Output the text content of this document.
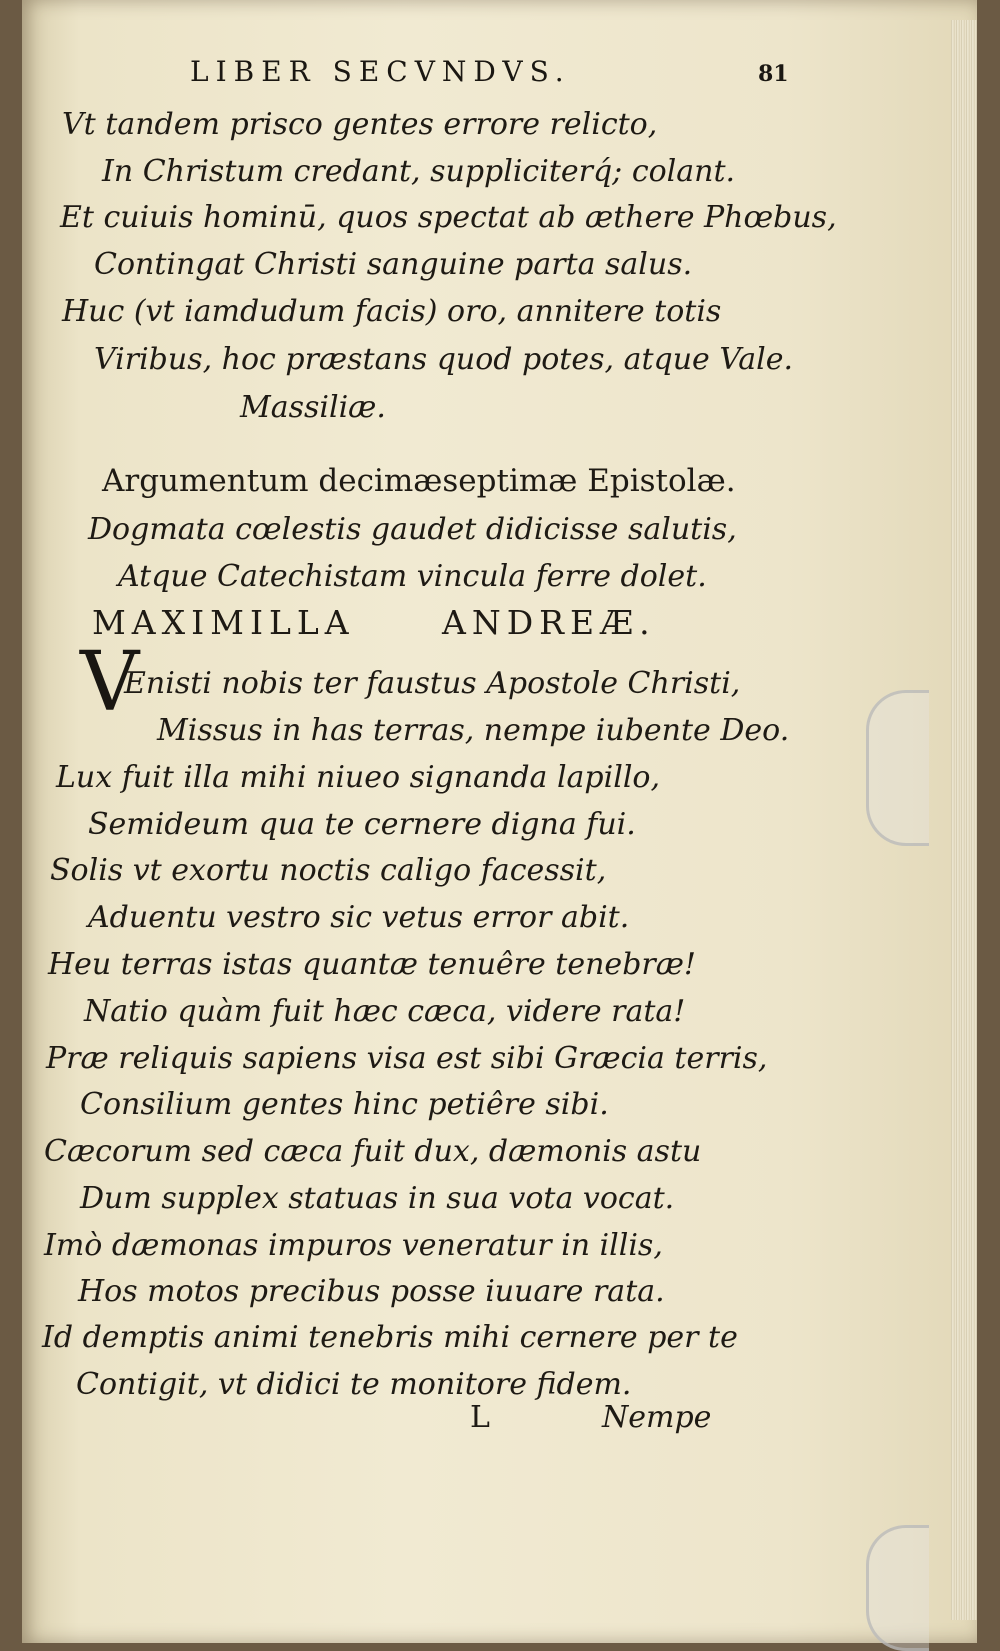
LIBER SECVNDVS.	81
Vt tandem prisco gentes errore relicto,
In Christum credant, suppliciterq́; colant.
Et cuiuis hominū, quos spectat ab æthere Phœbus,
Contingat Christi sanguine parta salus.
Huc (vt iamdudum facis) oro, annitere totis
Viribus, hoc præstans quod potes, atque Vale.
Massiliæ.
Argumentum decimæseptimæ Epistolæ.
Dogmata cœlestis gaudet didicisse salutis,
Atque Catechistam vincula ferre dolet.
MAXIMILLA	ANDREÆ.
V
Enisti nobis ter faustus Apostole Christi,
Missus in has terras, nempe iubente Deo.
Lux fuit illa mihi niueo signanda lapillo,
Semideum qua te cernere digna fui.
Solis vt exortu noctis caligo facessit,
Aduentu vestro sic vetus error abit.
Heu terras istas quantæ tenuêre tenebræ!
Natio quàm fuit hæc cæca, videre rata!
Præ reliquis sapiens visa est sibi Græcia terris,
Consilium gentes hinc petiêre sibi.
Cæcorum sed cæca fuit dux, dæmonis astu
Dum supplex statuas in sua vota vocat.
Imò dæmonas impuros veneratur in illis,
Hos motos precibus posse iuuare rata.
Id demptis animi tenebris mihi cernere per te
Contigit, vt didici te monitore fidem.
L	Nempe
